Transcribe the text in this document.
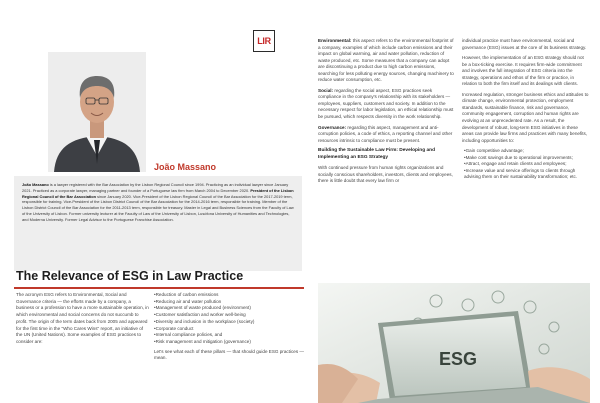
LIR
João Massano
João Massano is a lawyer registered with the Bar Association by the Lisbon Regional Council since 1994. Practicing as an individual lawyer since January 2021. Practiced as a corporate lawyer, managing partner and founder of a Portuguese law firm from March 2004 to December 2020. President of the Lisbon Regional Council of the Bar Association since January 2020. Vice-President of the Lisbon Regional Council of the Bar Association for the 2017-2019 term, responsible for training. Vice-President of the Lisbon District Council of the Bar Association for the 2014-2016 term, responsible for training. Member of the Lisbon District Council of the Bar Association for the 2011-2013 term, responsible for treasury. Master in Legal and Business Sciences from the Faculty of Law of the University of Lisbon. Former university lecturer at the Faculty of Law of the University of Lisbon, Lusófona University of Humanities and Technologies, and Moderna University. Former Legal Advisor to the Portuguese Franchise Association.
The Relevance of ESG in Law Practice
The acronym ESG refers to Environmental, Social and Governance criteria — the efforts made by a company, a business or a profession to have a more sustainable operation, in which environmental and social concerns do not succumb to profit. The origin of the term dates back from 2005 and appeared for the first time in the "Who Cares Wins" report, an initiative of the UN (United Nations). Some examples of ESG practices to consider are:
• Reduction of carbon emissions
• Reducing air and water pollution
• Management of waste produced (environment)
• Customer satisfaction and worker well-being
• Diversity and inclusion in the workplace (society)
• Corporate conduct
• Internal compliance policies, and
• Risk management and mitigation (governance)

Let's see what each of these pillars — that should guide ESG practices — mean.

Environmental: this aspect refers to the environmental footprint of a company, examples of which include carbon emissions and their impact on global warming, air and water pollution, reduction of waste produced, etc. Some measures that a company can adopt are discontinuing a product due to high carbon emissions, searching for less polluting energy sources, changing machinery to reduce water consumption, etc.

Social: regarding the social aspect, ESG practices seek compliance in the company's relationship with its stakeholders — employees, suppliers, customers and society. In addition to the necessary respect for labor legislation, an ethical relationship must be pursued, which respects diversity in the work relationship.

Governance: regarding this aspect, management and anti-corruption policies, a code of ethics, a reporting channel and other resources intrinsic to compliance must be present.

Building the Sustainable Law Firm: Developing and Implementing an ESG Strategy

With continued pressure from human rights organizations and socially conscious shareholders, investors, clients and employees, there is little doubt that every law firm or

individual practice must have environmental, social and governance (ESG) issues at the core of its business strategy.

However, the implementation of an ESG strategy should not be a box-ticking exercise. It requires firm-wide commitment and involves the full integration of ESG criteria into the strategy, operations and ethos of the firm or practice, in relation to both the firm itself and its dealings with clients.

Increased regulation, stronger business ethics and attitudes to climate change, environmental protection, employment standards, sustainable finance, risk and governance, community engagement, corruption and human rights are evolving at an unprecedented rate. As a result, the development of robust, long-term ESG initiatives in these areas can provide law firms and practices with many benefits, including opportunities to:

• Gain competitive advantage;
• Make cost savings due to operational improvements;
• Attract, engage and retain clients and employees;
• Increase value and service offerings to clients through advising them on their sustainability transformation; etc.
ESG
